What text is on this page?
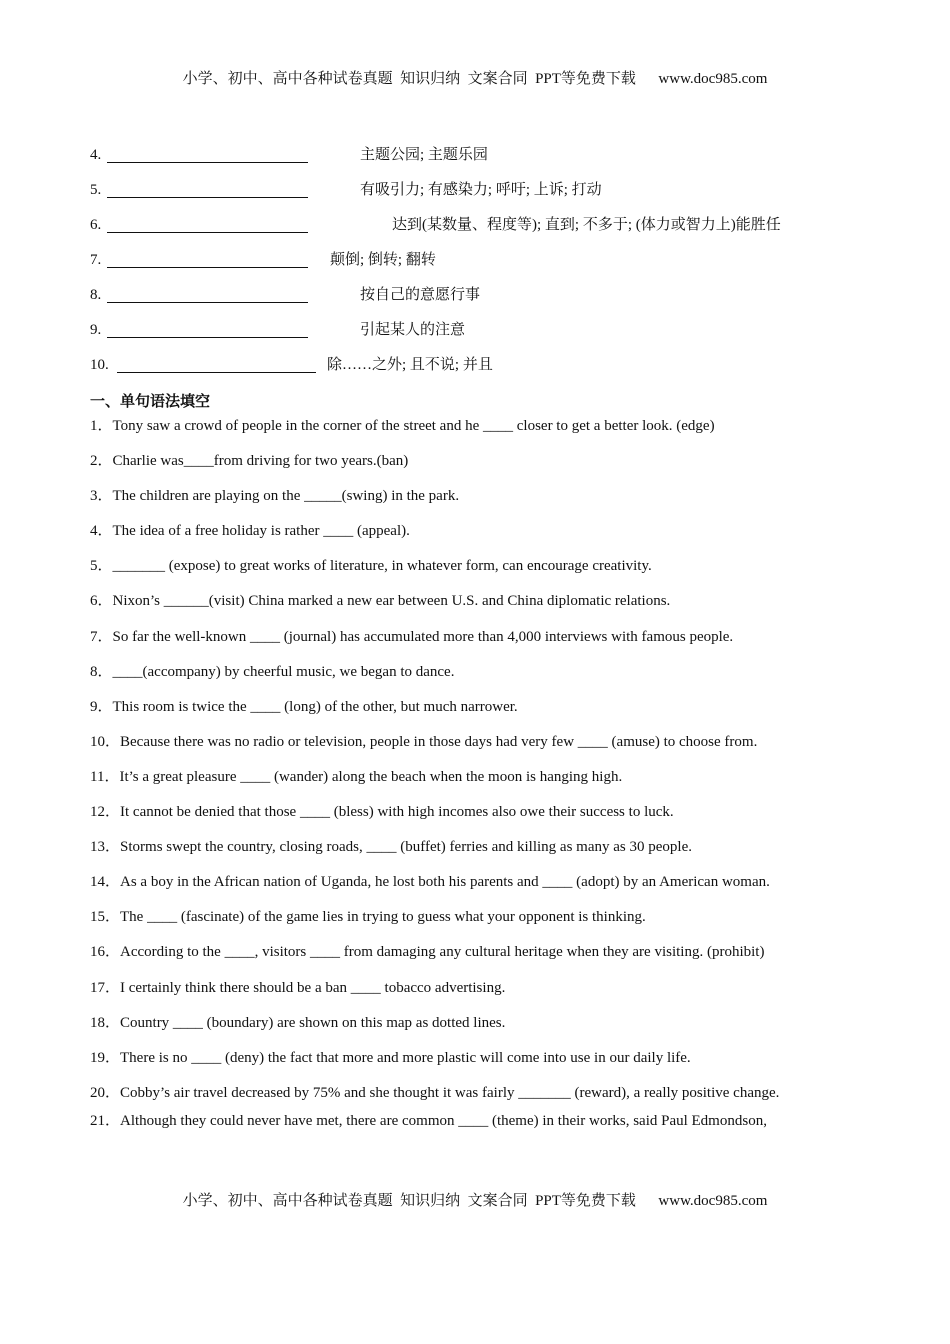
小学、初中、高中各种试卷真题  知识归纳  文案合同  PPT等免费下载      www.doc985.com
4.	主题公园; 主题乐园
5.	有吸引力; 有感染力; 呼吁; 上诉; 打动
6.	达到(某数量、程度等); 直到; 不多于; (体力或智力上)能胜任
7.	颠倒; 倒转; 翻转
8.	按自己的意愿行事
9.	引起某人的注意
10.	除……之外; 且不说; 并且
一、单句语法填空
1．Tony saw a crowd of people in the corner of the street and he ____ closer to get a better look. (edge)
2．Charlie was____from driving for two years.(ban)
3．The children are playing on the _____(swing) in the park.
4．The idea of a free holiday is rather ____ (appeal).
5．_______ (expose) to great works of literature, in whatever form, can encourage creativity.
6．Nixon’s ______(visit) China marked a new ear between U.S. and China diplomatic relations.
7．So far the well-known ____ (journal) has accumulated more than 4,000 interviews with famous people.
8．____(accompany) by cheerful music, we began to dance.
9．This room is twice the ____ (long) of the other, but much narrower.
10．Because there was no radio or television, people in those days had very few ____ (amuse) to choose from.
11．It’s a great pleasure ____ (wander) along the beach when the moon is hanging high.
12．It cannot be denied that those ____ (bless) with high incomes also owe their success to luck.
13．Storms swept the country, closing roads, ____ (buffet) ferries and killing as many as 30 people.
14．As a boy in the African nation of Uganda, he lost both his parents and ____ (adopt) by an American woman.
15．The ____ (fascinate) of the game lies in trying to guess what your opponent is thinking.
16．According to the ____, visitors ____ from damaging any cultural heritage when they are visiting. (prohibit)
17．I certainly think there should be a ban ____ tobacco advertising.
18．Country ____ (boundary) are shown on this map as dotted lines.
19．There is no ____ (deny) the fact that more and more plastic will come into use in our daily life.
20．Cobby’s air travel decreased by 75% and she thought it was fairly _______ (reward), a really positive change.
21．Although they could never have met, there are common ____ (theme) in their works, said Paul Edmondson,
小学、初中、高中各种试卷真题  知识归纳  文案合同  PPT等免费下载      www.doc985.com
